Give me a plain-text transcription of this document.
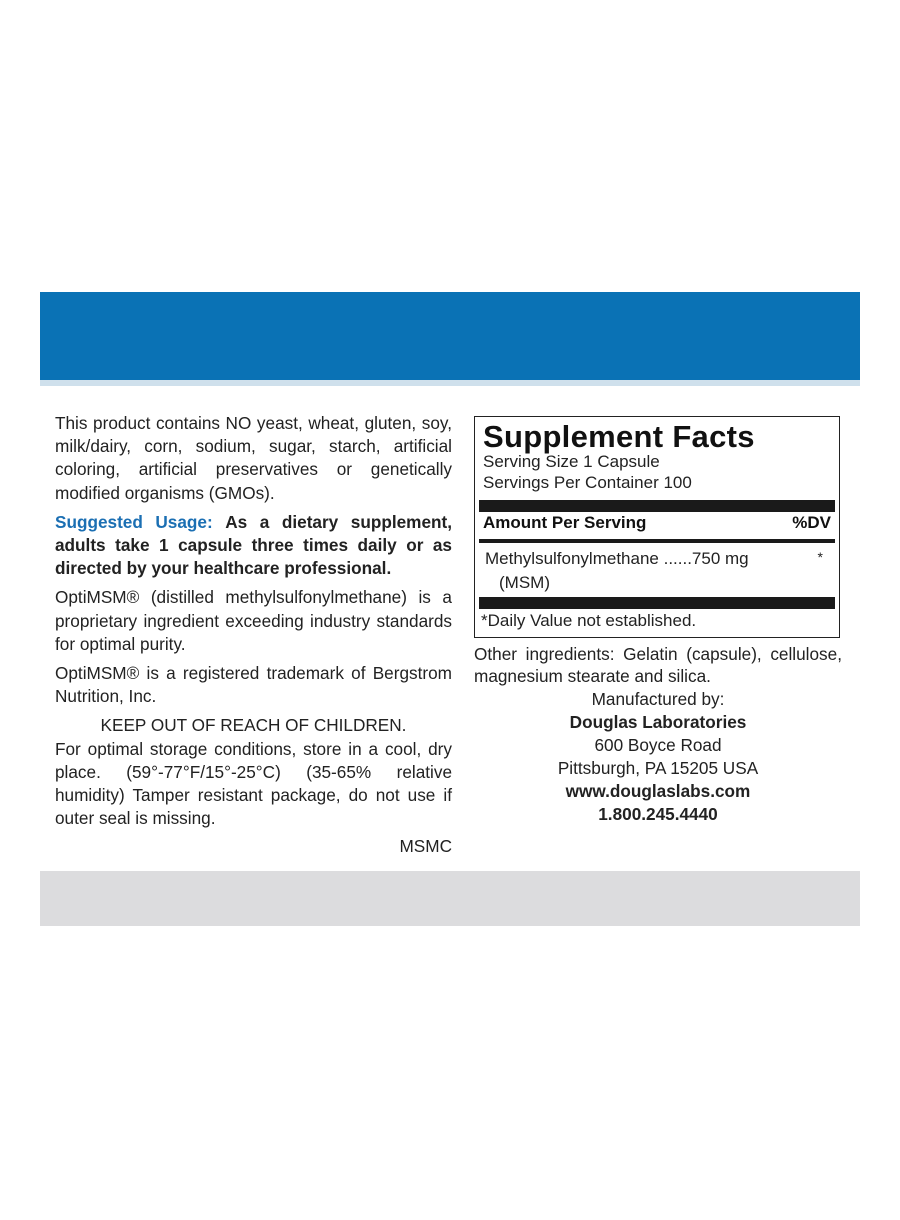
This product contains NO yeast, wheat, gluten, soy, milk/dairy, corn, sodium, sugar, starch, artificial coloring, artificial preservatives or genetically modified organisms (GMOs).

Suggested Usage: As a dietary supplement, adults take 1 capsule three times daily or as directed by your healthcare professional.

OptiMSM® (distilled methylsulfonylmethane) is a proprietary ingredient exceeding industry standards for optimal purity.

OptiMSM® is a registered trademark of Bergstrom Nutrition, Inc.

KEEP OUT OF REACH OF CHILDREN.
For optimal storage conditions, store in a cool, dry place. (59°-77°F/15°-25°C) (35-65% relative humidity) Tamper resistant package, do not use if outer seal is missing.

MSMC
Supplement Facts
Serving Size 1 Capsule
Servings Per Container 100
Amount Per Serving	%DV
Methylsulfonylmethane ......750 mg	*
(MSM)
*Daily Value not established.
Other ingredients: Gelatin (capsule), cellulose, magnesium stearate and silica.
Manufactured by:
Douglas Laboratories
600 Boyce Road
Pittsburgh, PA 15205 USA
www.douglaslabs.com
1.800.245.4440
